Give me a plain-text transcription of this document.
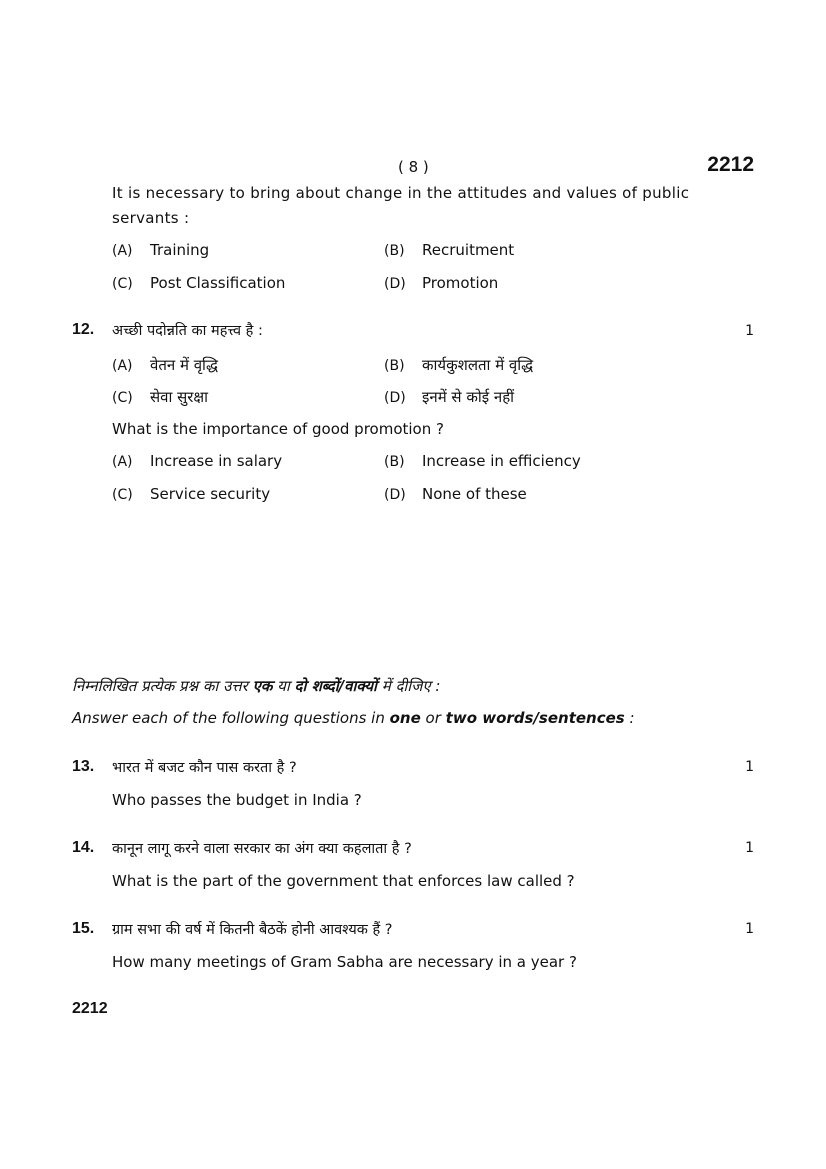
( 8 )	2212
It is necessary to bring about change in the attitudes and values of public
servants :
(A) Training	(B) Recruitment
(C) Post Classification	(D) Promotion
12. अच्छी पदोन्नति का महत्त्व है :	1
(A) वेतन में वृद्धि	(B) कार्यकुशलता में वृद्धि
(C) सेवा सुरक्षा	(D) इनमें से कोई नहीं
What is the importance of good promotion ?
(A) Increase in salary	(B) Increase in efficiency
(C) Service security	(D) None of these
निम्नलिखित प्रत्येक प्रश्न का उत्तर एक या दो शब्दों/वाक्यों में दीजिए :
Answer each of the following questions in one or two words/sentences :
13. भारत में बजट कौन पास करता है ?	1
Who passes the budget in India ?
14. कानून लागू करने वाला सरकार का अंग क्या कहलाता है ?	1
What is the part of the government that enforces law called ?
15. ग्राम सभा की वर्ष में कितनी बैठकें होनी आवश्यक हैं ?	1
How many meetings of Gram Sabha are necessary in a year ?
2212
